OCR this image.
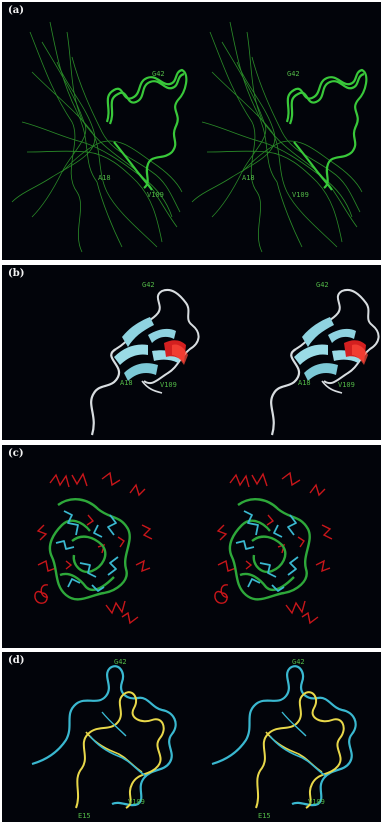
(a)
G42
A18
V109
G42
A18
V109
(b)
G42
A18	V109
G42
A18	V109
(c)
(d)	G42
E15
V109
G42
E15
V109
